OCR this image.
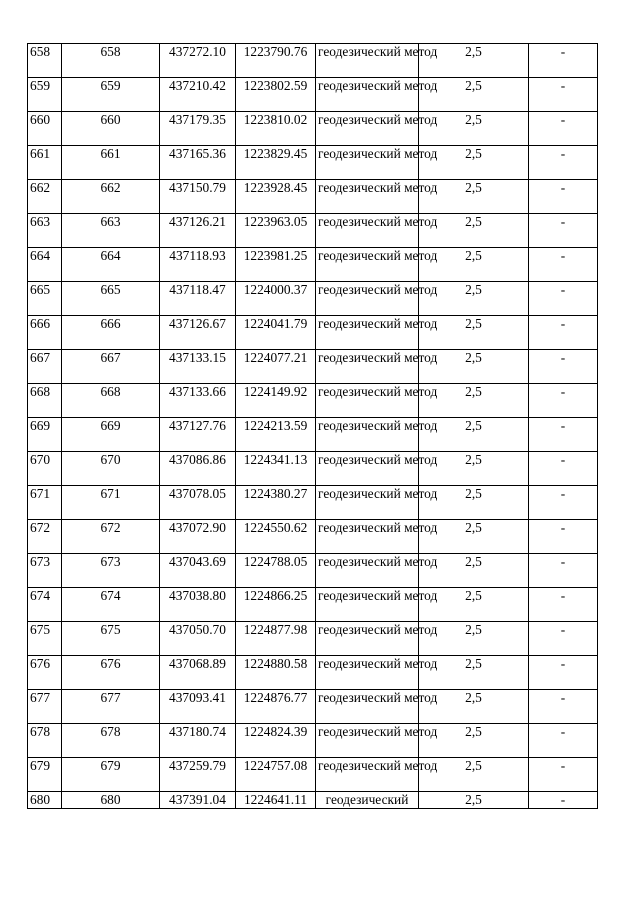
658	658	437272.10	1223790.76	геодезический метод	2,5	-
659	659	437210.42	1223802.59	геодезический метод	2,5	-
660	660	437179.35	1223810.02	геодезический метод	2,5	-
661	661	437165.36	1223829.45	геодезический метод	2,5	-
662	662	437150.79	1223928.45	геодезический метод	2,5	-
663	663	437126.21	1223963.05	геодезический метод	2,5	-
664	664	437118.93	1223981.25	геодезический метод	2,5	-
665	665	437118.47	1224000.37	геодезический метод	2,5	-
666	666	437126.67	1224041.79	геодезический метод	2,5	-
667	667	437133.15	1224077.21	геодезический метод	2,5	-
668	668	437133.66	1224149.92	геодезический метод	2,5	-
669	669	437127.76	1224213.59	геодезический метод	2,5	-
670	670	437086.86	1224341.13	геодезический метод	2,5	-
671	671	437078.05	1224380.27	геодезический метод	2,5	-
672	672	437072.90	1224550.62	геодезический метод	2,5	-
673	673	437043.69	1224788.05	геодезический метод	2,5	-
674	674	437038.80	1224866.25	геодезический метод	2,5	-
675	675	437050.70	1224877.98	геодезический метод	2,5	-
676	676	437068.89	1224880.58	геодезический метод	2,5	-
677	677	437093.41	1224876.77	геодезический метод	2,5	-
678	678	437180.74	1224824.39	геодезический метод	2,5	-
679	679	437259.79	1224757.08	геодезический метод	2,5	-
680	680	437391.04	1224641.11	геодезический	2,5	-
